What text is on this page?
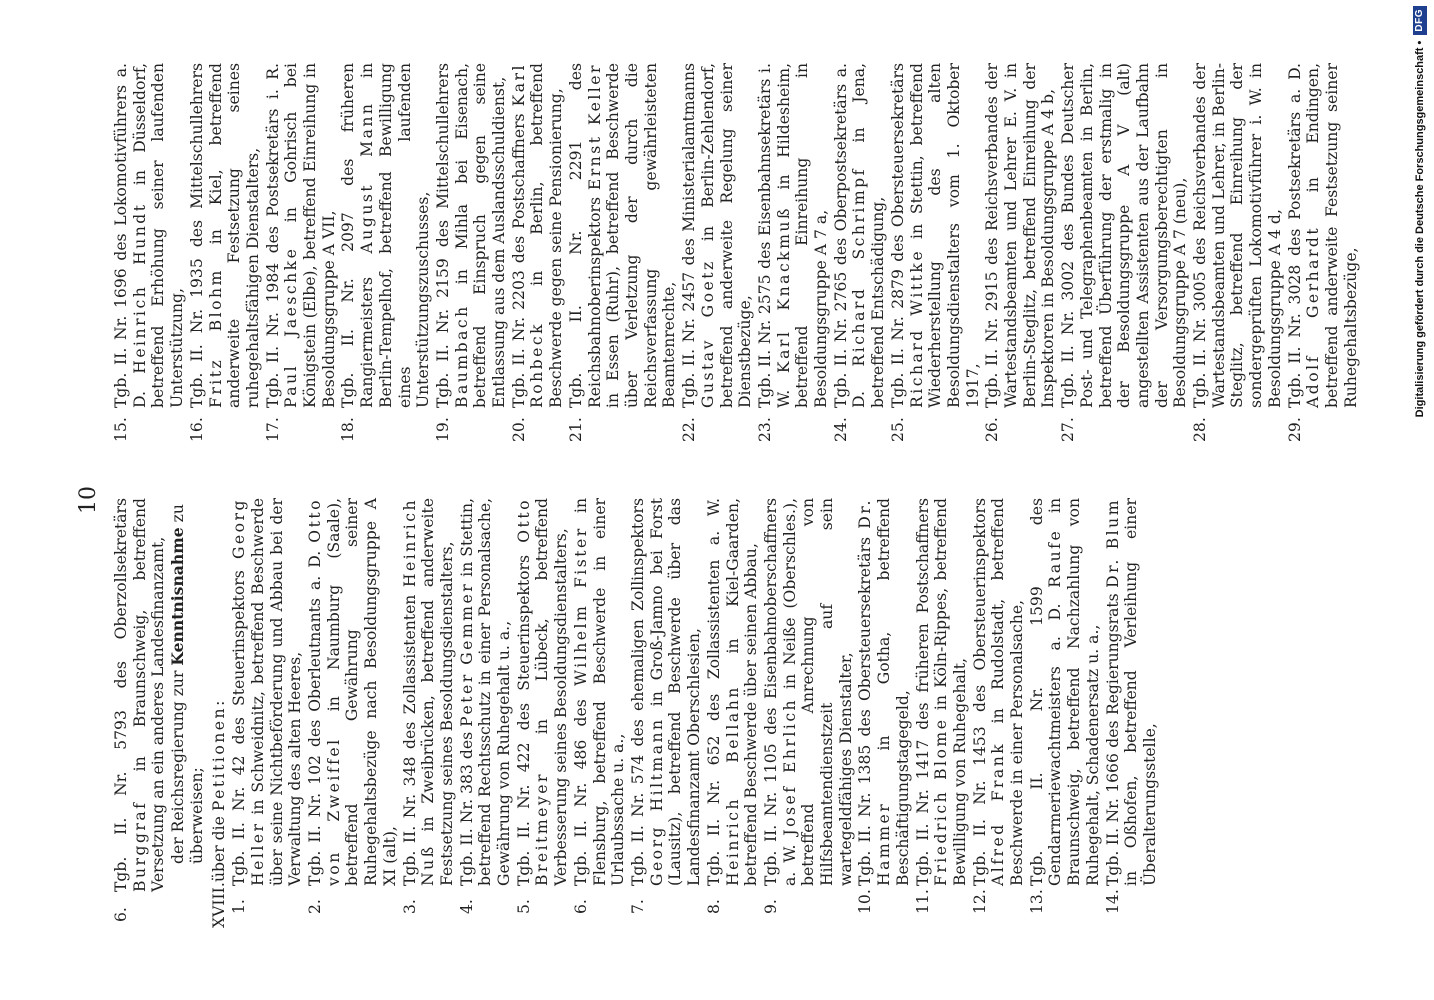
10
6.
Tgb. II. Nr. 5793 des Oberzollsekretärs Burggraf in Braunschweig, betreffend Versetzung an ein anderes Landesfinanzamt, der Reichsregierung zur Kenntnisnahme zu überweisen;
XVIII.
über die Petitionen:
1.
Tgb. II. Nr. 42 des Steuerinspektors Georg Heller in Schweidnitz, betreffend Beschwerde über seine Nichtbeförderung und Abbau bei der Verwaltung des alten Heeres,
2.
Tgb. II. Nr. 102 des Oberleutnants a. D. Otto von Zweiffel in Naumburg (Saale), betreffend Gewährung seiner Ruhegehaltsbezüge nach Besoldungsgruppe A XI (alt),
3.
Tgb. II. Nr. 348 des Zollassistenten Heinrich Nuß in Zweibrücken, betreffend anderweite Festsetzung seines Besoldungsdienstalters,
4.
Tgb. II. Nr. 383 des Peter Gemmer in Stettin, betreffend Rechtsschutz in einer Personalsache, Gewährung von Ruhegehalt u. a.,
5.
Tgb. II. Nr. 422 des Steuerinspektors Otto Breitmeyer in Lübeck, betreffend Verbesserung seines Besoldungsdienstalters,
6.
Tgb. II. Nr. 486 des Wilhelm Fister in Flensburg, betreffend Beschwerde in einer Urlaubssache u. a.,
7.
Tgb. II. Nr. 574 des ehemaligen Zollinspektors Georg Hiltmann in Groß-Jamno bei Forst (Lausitz), betreffend Beschwerde über das Landesfinanzamt Oberschlesien,
8.
Tgb. II. Nr. 652 des Zollassistenten a. W. Heinrich Bellahn in Kiel-Gaarden, betreffend Beschwerde über seinen Abbau,
9.
Tgb. II. Nr. 1105 des Eisenbahnoberschaffners a. W. Josef Ehrlich in Neiße (Oberschles.), betreffend Anrechnung von Hilfsbeamtendienstzeit auf sein wartegeldfähiges Dienstalter,
10.
Tgb. II. Nr. 1385 des Obersteuersekretärs Dr. Hammer in Gotha, betreffend Beschäftigungstagegeld,
11.
Tgb. II. Nr. 1417 des früheren Postschaffners Friedrich Blome in Köln-Rippes, betreffend Bewilligung von Ruhegehalt,
12.
Tgb. II. Nr. 1453 des Obersteuerinspektors Alfred Frank in Rudolstadt, betreffend Beschwerde in einer Personalsache,
13.
Tgb. II. Nr. 1599 des Gendarmeriewachtmeisters a. D. Raufe in Braunschweig, betreffend Nachzahlung von Ruhegehalt, Schadenersatz u. a.,
14.
Tgb. II. Nr. 1666 des Regierungsrats Dr. Blum in Oßhofen, betreffend Verleihung einer Überalterungsstelle,
15.
Tgb. II. Nr. 1696 des Lokomotivführers a. D. Heinrich Hundt in Düsseldorf, betreffend Erhöhung seiner laufenden Unterstützung,
16.
Tgb. II. Nr. 1935 des Mittelschullehrers Fritz Blohm in Kiel, betreffend anderweite Festsetzung seines ruhegehaltsfähigen Dienstalters,
17.
Tgb. II. Nr. 1984 des Postsekretärs i. R. Paul Jaeschke in Gohrisch bei Königstein (Elbe), betreffend Einreihung in Besoldungsgruppe A VII,
18.
Tgb. II. Nr. 2097 des früheren Rangiermeisters August Mann in Berlin-Tempelhof, betreffend Bewilligung eines laufenden Unterstützungszuschusses,
19.
Tgb. II. Nr. 2159 des Mittelschullehrers Baumbach in Mihla bei Eisenach, betreffend Einspruch gegen seine Entlassung aus dem Auslandsschuldienst,
20.
Tgb. II. Nr. 2203 des Postschaffners Karl Rohbeck in Berlin, betreffend Beschwerde gegen seine Pensionierung,
21.
Tgb. II. Nr. 2291 des Reichsbahnoberinspektors Ernst Keller in Essen (Ruhr), betreffend Beschwerde über Verletzung der durch die Reichsverfassung gewährleisteten Beamtenrechte,
22.
Tgb. II. Nr. 2457 des Ministerialamtmanns Gustav Goetz in Berlin-Zehlendorf, betreffend anderweite Regelung seiner Dienstbezüge,
23.
Tgb. II. Nr. 2575 des Eisenbahnsekretärs i. W. Karl Knackmuß in Hildesheim, betreffend Einreihung in Besoldungsgruppe A 7 a,
24.
Tgb. II. Nr. 2765 des Oberpostsekretärs a. D. Richard Schrimpf in Jena, betreffend Entschädigung,
25.
Tgb. II. Nr. 2879 des Obersteuersekretärs Richard Wittke in Stettin, betreffend Wiederherstellung des alten Besoldungsdienstalters vom 1. Oktober 1917,
26.
Tgb. II. Nr. 2915 des Reichsverbandes der Wartestandsbeamten und Lehrer E. V. in Berlin-Steglitz, betreffend Einreihung der Inspektoren in Besoldungsgruppe A 4 b,
27.
Tgb. II. Nr. 3002 des Bundes Deutscher Post- und Telegraphenbeamten in Berlin, betreffend Überführung der erstmalig in der Besoldungsgruppe A V (alt) angestellten Assistenten aus der Laufbahn der Versorgungsberechtigten in Besoldungsgruppe A 7 (neu),
28.
Tgb. II. Nr. 3005 des Reichsverbandes der Wartestandsbeamten und Lehrer, in Berlin-Steglitz, betreffend Einreihung der sondergeprüften Lokomotivführer i. W. in Besoldungsgruppe A 4 d,
29.
Tgb. II. Nr. 3028 des Postsekretärs a. D. Adolf Gerhardt in Endingen, betreffend anderweite Festsetzung seiner Ruhegehaltsbezüge,	Digitalisierung gefördert durch die Deutsche Forschungsgemeinschaft •
DFG
